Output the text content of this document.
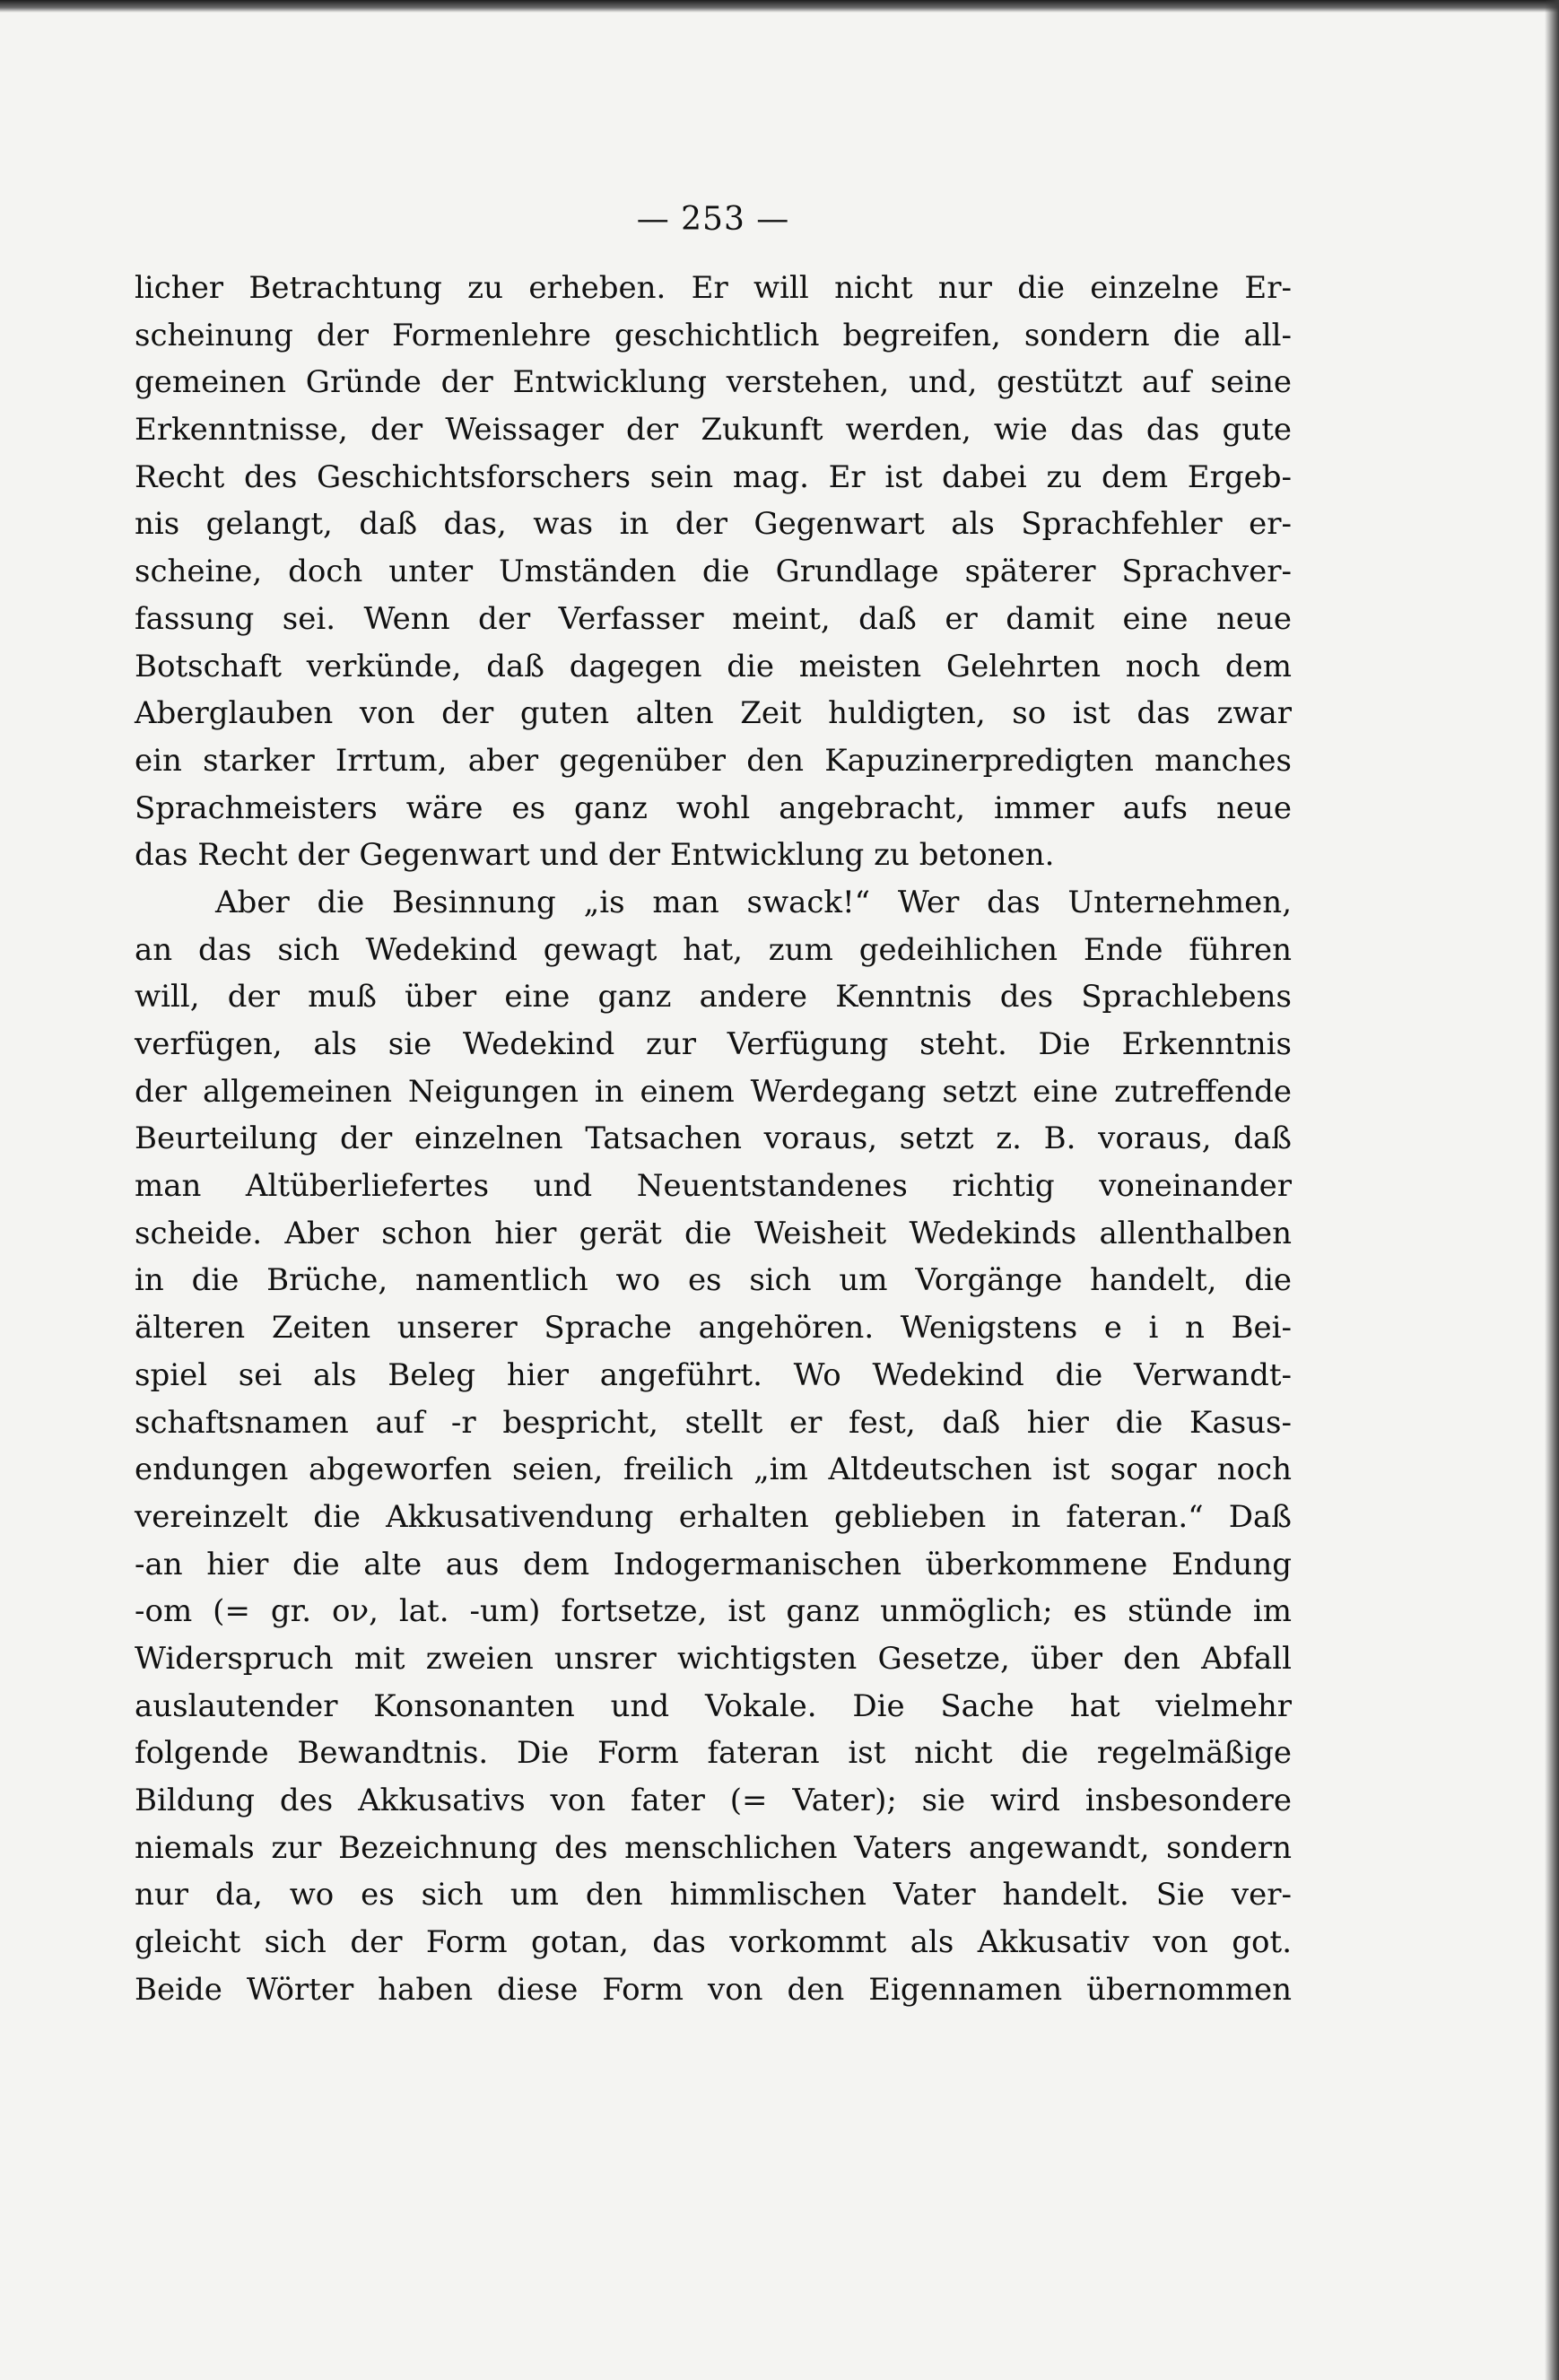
— 253 —
licher Betrachtung zu erheben. Er will nicht nur die einzelne Er-
scheinung der Formenlehre geschichtlich begreifen, sondern die all-
gemeinen Gründe der Entwicklung verstehen, und, gestützt auf seine
Erkenntnisse, der Weissager der Zukunft werden, wie das das gute
Recht des Geschichtsforschers sein mag. Er ist dabei zu dem Ergeb-
nis gelangt, daß das, was in der Gegenwart als Sprachfehler er-
scheine, doch unter Umständen die Grundlage späterer Sprachver-
fassung sei. Wenn der Verfasser meint, daß er damit eine neue
Botschaft verkünde, daß dagegen die meisten Gelehrten noch dem
Aberglauben von der guten alten Zeit huldigten, so ist das zwar
ein starker Irrtum, aber gegenüber den Kapuzinerpredigten manches
Sprachmeisters wäre es ganz wohl angebracht, immer aufs neue
das Recht der Gegenwart und der Entwicklung zu betonen.
Aber die Besinnung „is man swack!“ Wer das Unternehmen,
an das sich Wedekind gewagt hat, zum gedeihlichen Ende führen
will, der muß über eine ganz andere Kenntnis des Sprachlebens
verfügen, als sie Wedekind zur Verfügung steht. Die Erkenntnis
der allgemeinen Neigungen in einem Werdegang setzt eine zutreffende
Beurteilung der einzelnen Tatsachen voraus, setzt z. B. voraus, daß
man Altüberliefertes und Neuentstandenes richtig voneinander
scheide. Aber schon hier gerät die Weisheit Wedekinds allenthalben
in die Brüche, namentlich wo es sich um Vorgänge handelt, die
älteren Zeiten unserer Sprache angehören. Wenigstens e i n Bei-
spiel sei als Beleg hier angeführt. Wo Wedekind die Verwandt-
schaftsnamen auf -r bespricht, stellt er fest, daß hier die Kasus-
endungen abgeworfen seien, freilich „im Altdeutschen ist sogar noch
vereinzelt die Akkusativendung erhalten geblieben in fateran.“ Daß
-an hier die alte aus dem Indogermanischen überkommene Endung
-om (= gr. ον, lat. -um) fortsetze, ist ganz unmöglich; es stünde im
Widerspruch mit zweien unsrer wichtigsten Gesetze, über den Abfall
auslautender Konsonanten und Vokale. Die Sache hat vielmehr
folgende Bewandtnis. Die Form fateran ist nicht die regelmäßige
Bildung des Akkusativs von fater (= Vater); sie wird insbesondere
niemals zur Bezeichnung des menschlichen Vaters angewandt, sondern
nur da, wo es sich um den himmlischen Vater handelt. Sie ver-
gleicht sich der Form gotan, das vorkommt als Akkusativ von got.
Beide Wörter haben diese Form von den Eigennamen übernommen
